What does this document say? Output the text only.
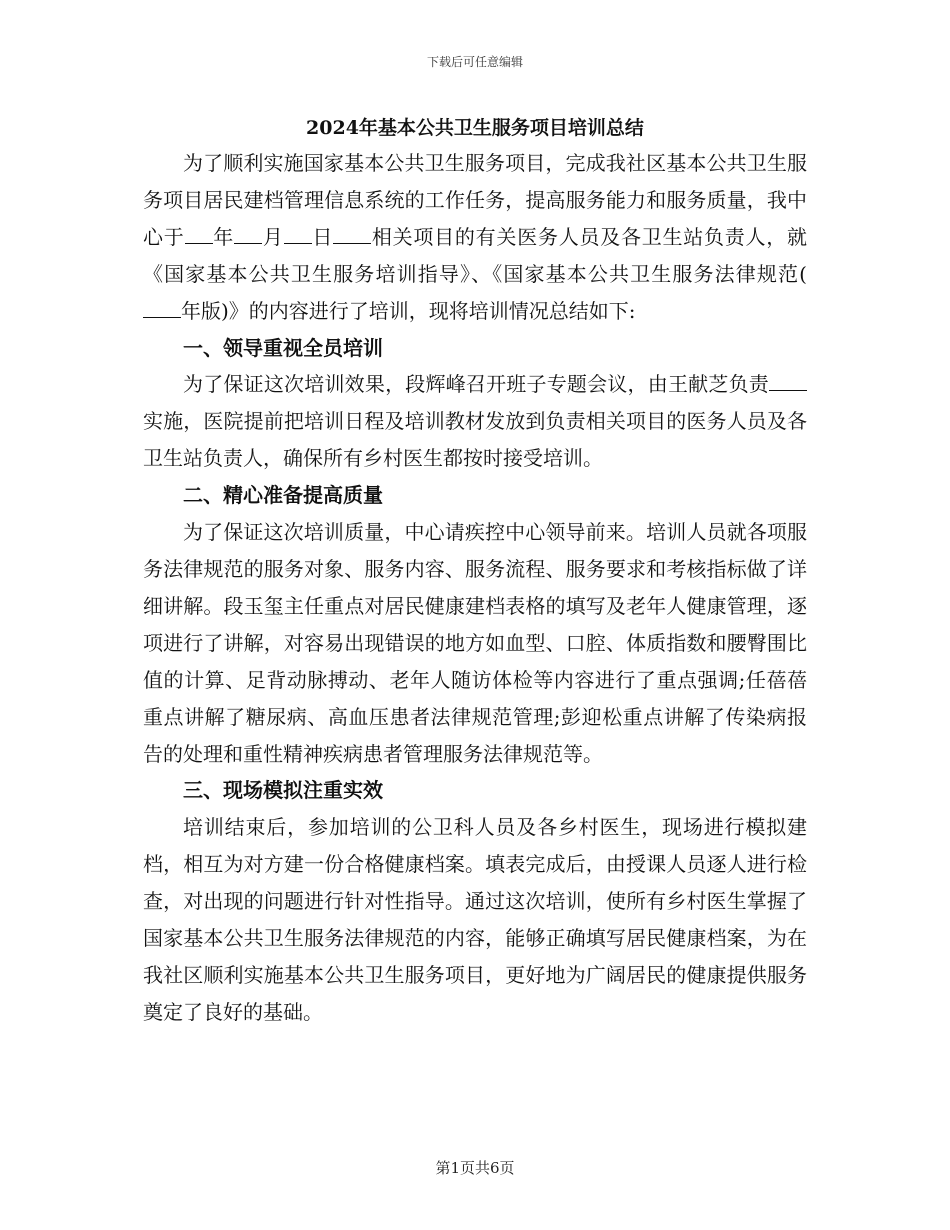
下载后可任意编辑
2024年基本公共卫生服务项目培训总结

为了顺利实施国家基本公共卫生服务项目，完成我社区基本公共卫生服务项目居民建档管理信息系统的工作任务，提高服务能力和服务质量，我中心于 年 月 日 相关项目的有关医务人员及各卫生站负责人，就《国家基本公共卫生服务培训指导》、《国家基本公共卫生服务法律规范(年版)》的内容进行了培训，现将培训情况总结如下:

一、领导重视全员培训

为了保证这次培训效果，段辉峰召开班子专题会议，由王献芝负责实施，医院提前把培训日程及培训教材发放到负责相关项目的医务人员及各卫生站负责人，确保所有乡村医生都按时接受培训。

二、精心准备提高质量

为了保证这次培训质量，中心请疾控中心领导前来。培训人员就各项服务法律规范的服务对象、服务内容、服务流程、服务要求和考核指标做了详细讲解。段玉玺主任重点对居民健康建档表格的填写及老年人健康管理，逐项进行了讲解，对容易出现错误的地方如血型、口腔、体质指数和腰臀围比值的计算、足背动脉搏动、老年人随访体检等内容进行了重点强调;任蓓蓓重点讲解了糖尿病、高血压患者法律规范管理;彭迎松重点讲解了传染病报告的处理和重性精神疾病患者管理服务法律规范等。

三、现场模拟注重实效

培训结束后，参加培训的公卫科人员及各乡村医生，现场进行模拟建档，相互为对方建一份合格健康档案。填表完成后，由授课人员逐人进行检查，对出现的问题进行针对性指导。通过这次培训，使所有乡村医生掌握了国家基本公共卫生服务法律规范的内容，能够正确填写居民健康档案，为在我社区顺利实施基本公共卫生服务项目，更好地为广阔居民的健康提供服务奠定了良好的基础。

第1页共6页
